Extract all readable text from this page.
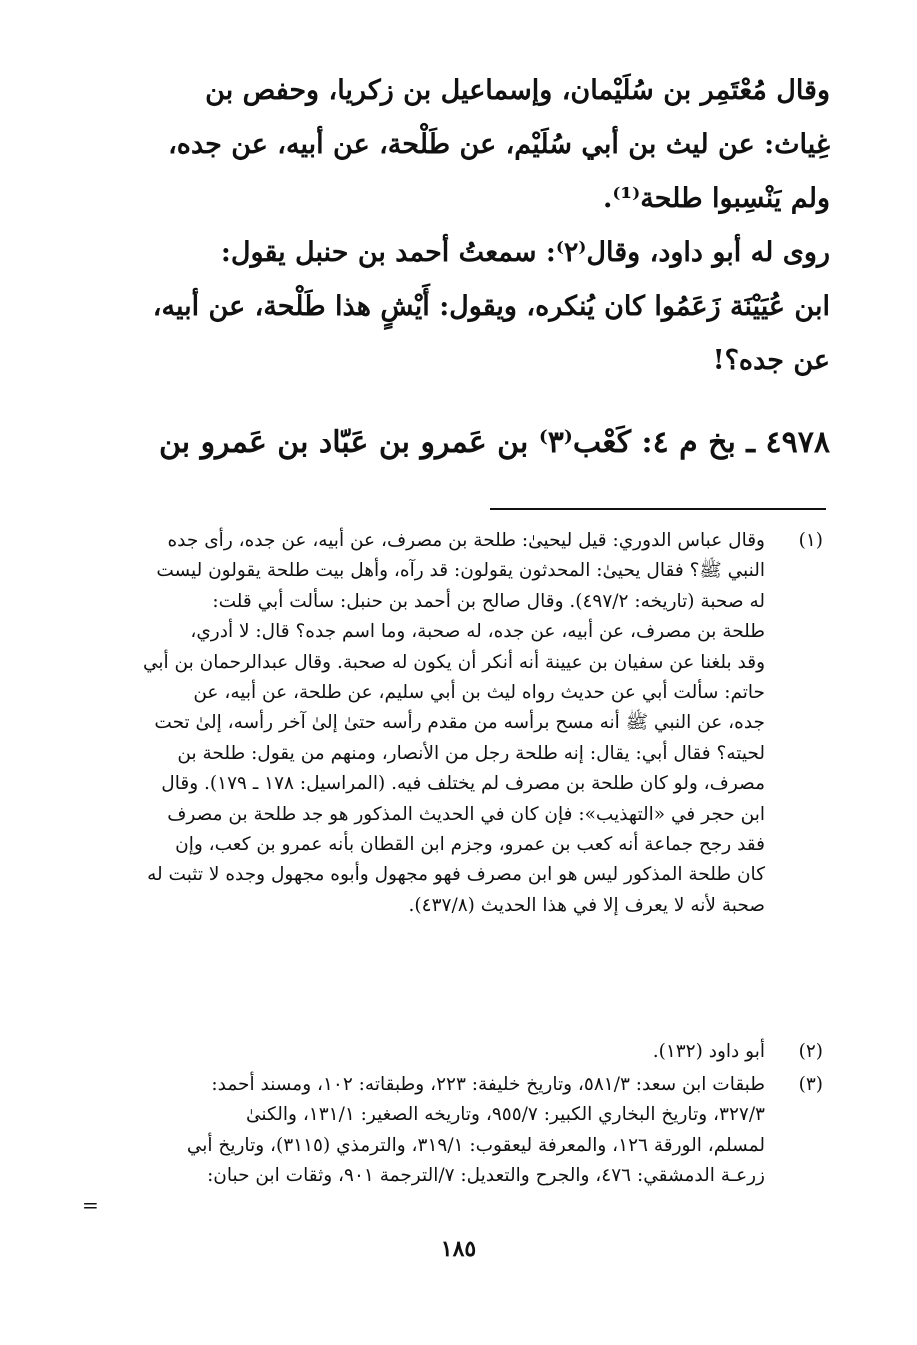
وقال مُعْتَمِر بن سُلَيْمان، وإسماعيل بن زكريا، وحفص بن
غِياث: عن ليث بن أبي سُلَيْم، عن طَلْحة، عن أبيه، عن جده،
ولم يَنْسِبوا طلحة⁽¹⁾.
روى له أبو داود، وقال⁽٢⁾: سمعتُ أحمد بن حنبل يقول:
ابن عُيَيْنَة زَعَمُوا كان يُنكره، ويقول: أَيْشٍ هذا طَلْحة، عن أبيه،
عن جده؟!
٤٩٧٨ ـ بخ م ٤: كَعْب⁽٣⁾ بن عَمرو بن عَبّاد بن عَمرو بن
(١)
وقال عباس الدوري: قيل ليحيىٰ: طلحة بن مصرف، عن أبيه، عن جده، رأى جده
النبي ﷺ؟ فقال يحيىٰ: المحدثون يقولون: قد رآه، وأهل بيت طلحة يقولون ليست
له صحبة (تاريخه: ٤٩٧/٢). وقال صالح بن أحمد بن حنبل: سألت أبي قلت:
طلحة بن مصرف، عن أبيه، عن جده، له صحبة، وما اسم جده؟ قال: لا أدري،
وقد بلغنا عن سفيان بن عيينة أنه أنكر أن يكون له صحبة. وقال عبدالرحمان بن أبي
حاتم: سألت أبي عن حديث رواه ليث بن أبي سليم، عن طلحة، عن أبيه، عن
جده، عن النبي ﷺ أنه مسح برأسه من مقدم رأسه حتىٰ إلىٰ آخر رأسه، إلىٰ تحت
لحيته؟ فقال أبي: يقال: إنه طلحة رجل من الأنصار، ومنهم من يقول: طلحة بن
مصرف، ولو كان طلحة بن مصرف لم يختلف فيه. (المراسيل: ١٧٨ ـ ١٧٩). وقال
ابن حجر في «التهذيب»: فإن كان في الحديث المذكور هو جد طلحة بن مصرف
فقد رجح جماعة أنه كعب بن عمرو، وجزم ابن القطان بأنه عمرو بن كعب، وإن
كان طلحة المذكور ليس هو ابن مصرف فهو مجهول وأبوه مجهول وجده لا تثبت له
صحبة لأنه لا يعرف إلا في هذا الحديث (٤٣٧/٨).
(٢)
أبو داود (١٣٢).
(٣)
طبقات ابن سعد: ٥٨١/٣، وتاريخ خليفة: ٢٢٣، وطبقاته: ١٠٢، ومسند أحمد:
٣٢٧/٣، وتاريخ البخاري الكبير: ٩٥٥/٧، وتاريخه الصغير: ١٣١/١، والكنىٰ
لمسلم، الورقة ١٢٦، والمعرفة ليعقوب: ٣١٩/١، والترمذي (٣١١٥)، وتاريخ أبي
زرعـة الدمشقي: ٤٧٦، والجرح والتعديل: ٧/الترجمة ٩٠١، وثقات ابن حبان:
=
١٨٥
